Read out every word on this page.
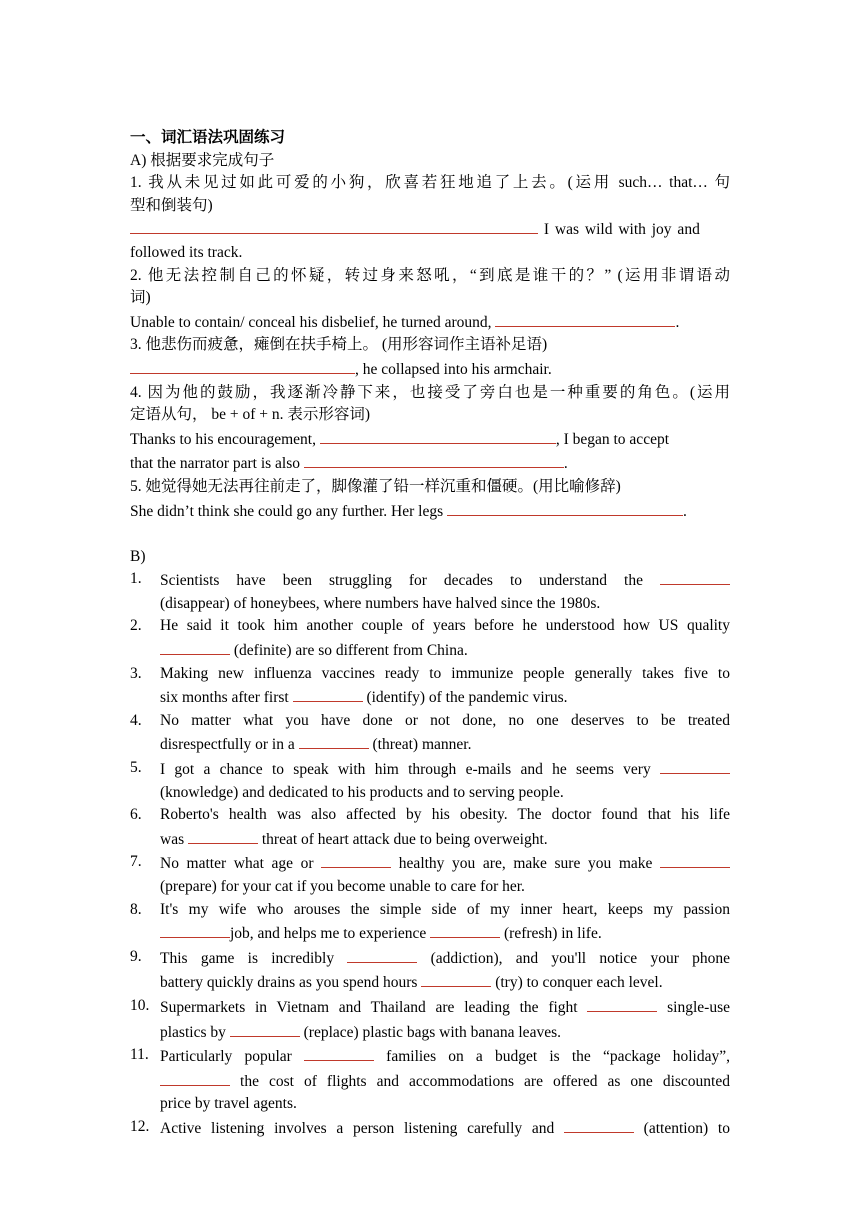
一、词汇语法巩固练习
A) 根据要求完成句子
1. 我从未见过如此可爱的小狗，欣喜若狂地追了上去。(运用 such… that… 句
型和倒装句)
I was wild with joy and
followed its track.
2. 他无法控制自己的怀疑，转过身来怒吼，“到底是谁干的？” (运用非谓语动
词)
Unable to contain/ conceal his disbelief, he turned around,	.
3. 他悲伤而疲惫，瘫倒在扶手椅上。 (用形容词作主语补足语)
, he collapsed into his armchair.
4. 因为他的鼓励，我逐渐冷静下来，也接受了旁白也是一种重要的角色。(运用
定语从句， be + of + n. 表示形容词)
Thanks to his encouragement,	, I began to accept
that the narrator part is also	.
5. 她觉得她无法再往前走了，脚像灌了铅一样沉重和僵硬。(用比喻修辞)
She didn’t think she could go any further. Her legs	.
B)
1. Scientists have been struggling for decades to understand the
(disappear) of honeybees, where numbers have halved since the 1980s.
2. He said it took him another couple of years before he understood how US quality
(definite) are so different from China.
3. Making new influenza vaccines ready to immunize people generally takes five to
six months after first	(identify) of the pandemic virus.
4. No matter what you have done or not done, no one deserves to be treated
disrespectfully or in a	(threat) manner.
5. I got a chance to speak with him through e-mails and he seems very
(knowledge) and dedicated to his products and to serving people.
6. Roberto's health was also affected by his obesity. The doctor found that his life
was	threat of heart attack due to being overweight.
7. No matter what age or	healthy you are, make sure you make
(prepare) for your cat if you become unable to care for her.
8. It's my wife who arouses the simple side of my inner heart, keeps my passion
job, and helps me to experience	(refresh) in life.
9. This game is incredibly	(addiction), and you'll notice your phone
battery quickly drains as you spend hours	(try) to conquer each level.
10. Supermarkets in Vietnam and Thailand are leading the fight	single-use
plastics by	(replace) plastic bags with banana leaves.
11. Particularly popular	families on a budget is the “package holiday”,
the cost of flights and accommodations are offered as one discounted
price by travel agents.
12. Active listening involves a person listening carefully and	(attention) to
